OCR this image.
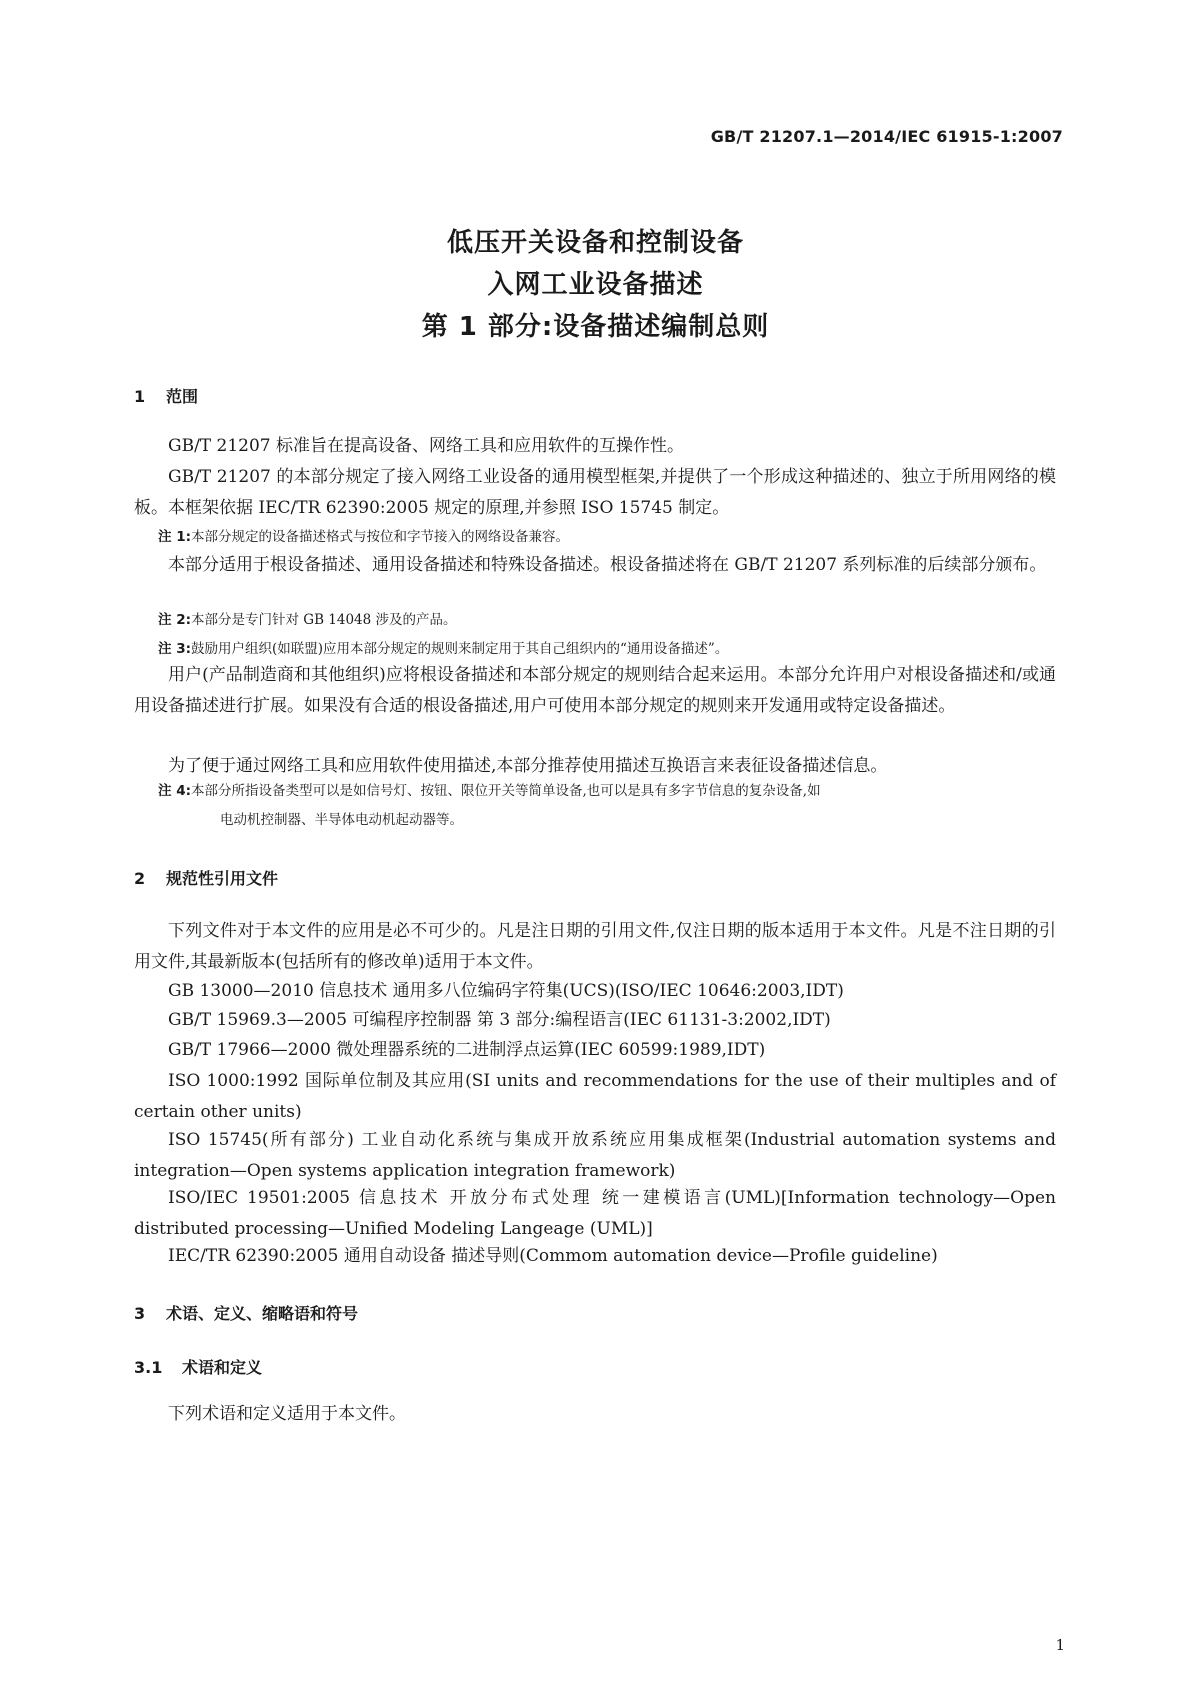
GB/T 21207.1—2014/IEC 61915-1:2007
低压开关设备和控制设备
入网工业设备描述
第 1 部分:设备描述编制总则
1 范围
GB/T 21207 标准旨在提高设备、网络工具和应用软件的互操作性。
GB/T 21207 的本部分规定了接入网络工业设备的通用模型框架,并提供了一个形成这种描述的、独立于所用网络的模板。本框架依据 IEC/TR 62390:2005 规定的原理,并参照 ISO 15745 制定。
注 1:本部分规定的设备描述格式与按位和字节接入的网络设备兼容。
本部分适用于根设备描述、通用设备描述和特殊设备描述。根设备描述将在 GB/T 21207 系列标准的后续部分颁布。
注 2:本部分是专门针对 GB 14048 涉及的产品。
注 3:鼓励用户组织(如联盟)应用本部分规定的规则来制定用于其自己组织内的“通用设备描述”。
用户(产品制造商和其他组织)应将根设备描述和本部分规定的规则结合起来运用。本部分允许用户对根设备描述和/或通用设备描述进行扩展。如果没有合适的根设备描述,用户可使用本部分规定的规则来开发通用或特定设备描述。
为了便于通过网络工具和应用软件使用描述,本部分推荐使用描述互换语言来表征设备描述信息。
注 4:本部分所指设备类型可以是如信号灯、按钮、限位开关等简单设备,也可以是具有多字节信息的复杂设备,如
电动机控制器、半导体电动机起动器等。
2 规范性引用文件
下列文件对于本文件的应用是必不可少的。凡是注日期的引用文件,仅注日期的版本适用于本文件。凡是不注日期的引用文件,其最新版本(包括所有的修改单)适用于本文件。
GB 13000—2010 信息技术 通用多八位编码字符集(UCS)(ISO/IEC 10646:2003,IDT)
GB/T 15969.3—2005 可编程序控制器 第 3 部分:编程语言(IEC 61131-3:2002,IDT)
GB/T 17966—2000 微处理器系统的二进制浮点运算(IEC 60599:1989,IDT)
ISO 1000:1992 国际单位制及其应用(SI units and recommendations for the use of their multiples and of certain other units)
ISO 15745(所有部分) 工业自动化系统与集成开放系统应用集成框架(Industrial automation systems and integration—Open systems application integration framework)
ISO/IEC 19501:2005 信息技术 开放分布式处理 统一建模语言(UML)[Information technology—Open distributed processing—Unified Modeling Langeage (UML)]
IEC/TR 62390:2005 通用自动设备 描述导则(Commom automation device—Profile guideline)
3 术语、定义、缩略语和符号
3.1 术语和定义
下列术语和定义适用于本文件。
1
